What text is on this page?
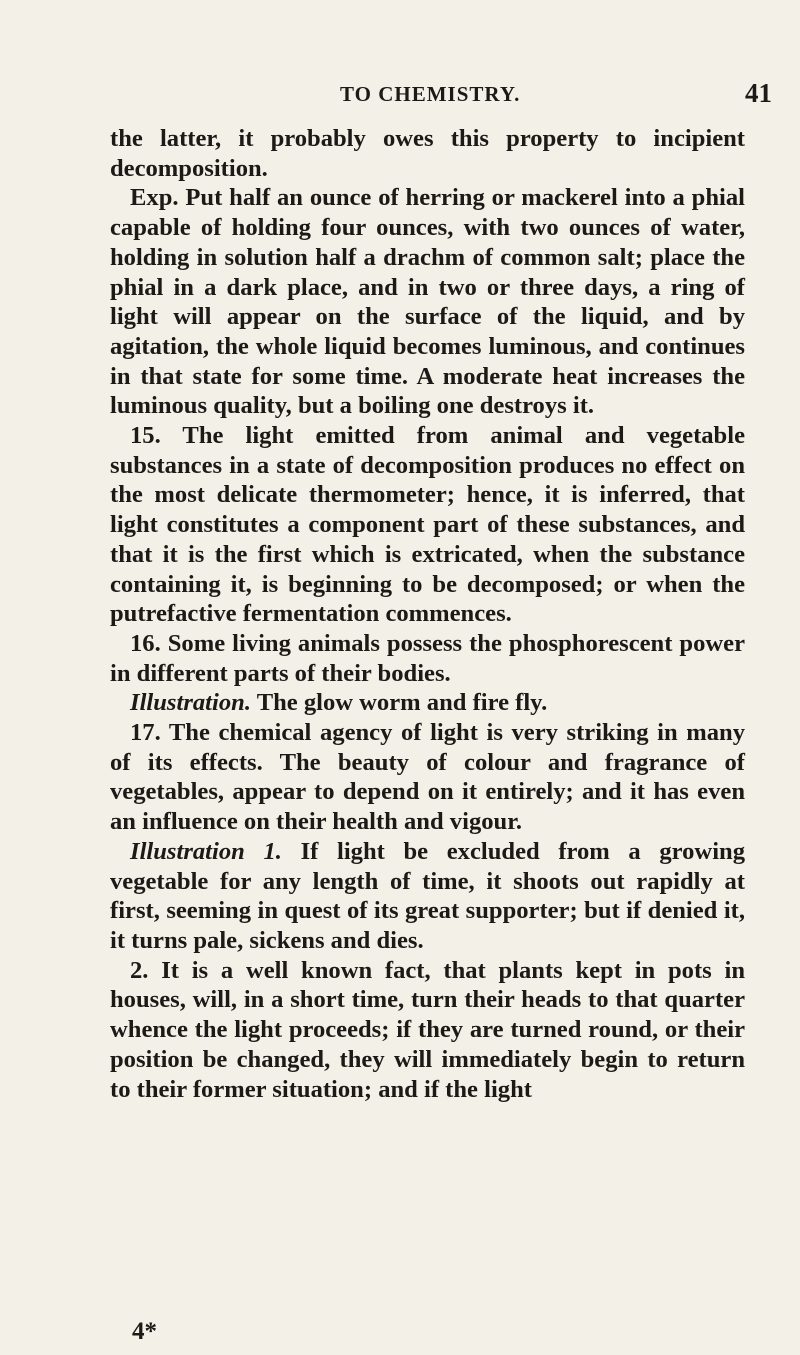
TO CHEMISTRY.	41

the latter, it probably owes this property to incipient decomposition.

Exp. Put half an ounce of herring or mackerel into a phial capable of holding four ounces, with two ounces of water, holding in solution half a drachm of common salt; place the phial in a dark place, and in two or three days, a ring of light will appear on the surface of the liquid, and by agitation, the whole liquid becomes luminous, and continues in that state for some time. A moderate heat increases the luminous quality, but a boiling one destroys it.

15. The light emitted from animal and vegetable substances in a state of decomposition produces no effect on the most delicate thermometer; hence, it is inferred, that light constitutes a component part of these substances, and that it is the first which is extricated, when the substance containing it, is beginning to be decomposed; or when the putrefactive fermentation commences.

16. Some living animals possess the phosphorescent power in different parts of their bodies.

Illustration. The glow worm and fire fly.

17. The chemical agency of light is very striking in many of its effects. The beauty of colour and fragrance of vegetables, appear to depend on it entirely; and it has even an influence on their health and vigour.

Illustration 1. If light be excluded from a growing vegetable for any length of time, it shoots out rapidly at first, seeming in quest of its great supporter; but if denied it, it turns pale, sickens and dies.

2. It is a well known fact, that plants kept in pots in houses, will, in a short time, turn their heads to that quarter whence the light proceeds; if they are turned round, or their position be changed, they will immediately begin to return to their former situation; and if the light

4*
